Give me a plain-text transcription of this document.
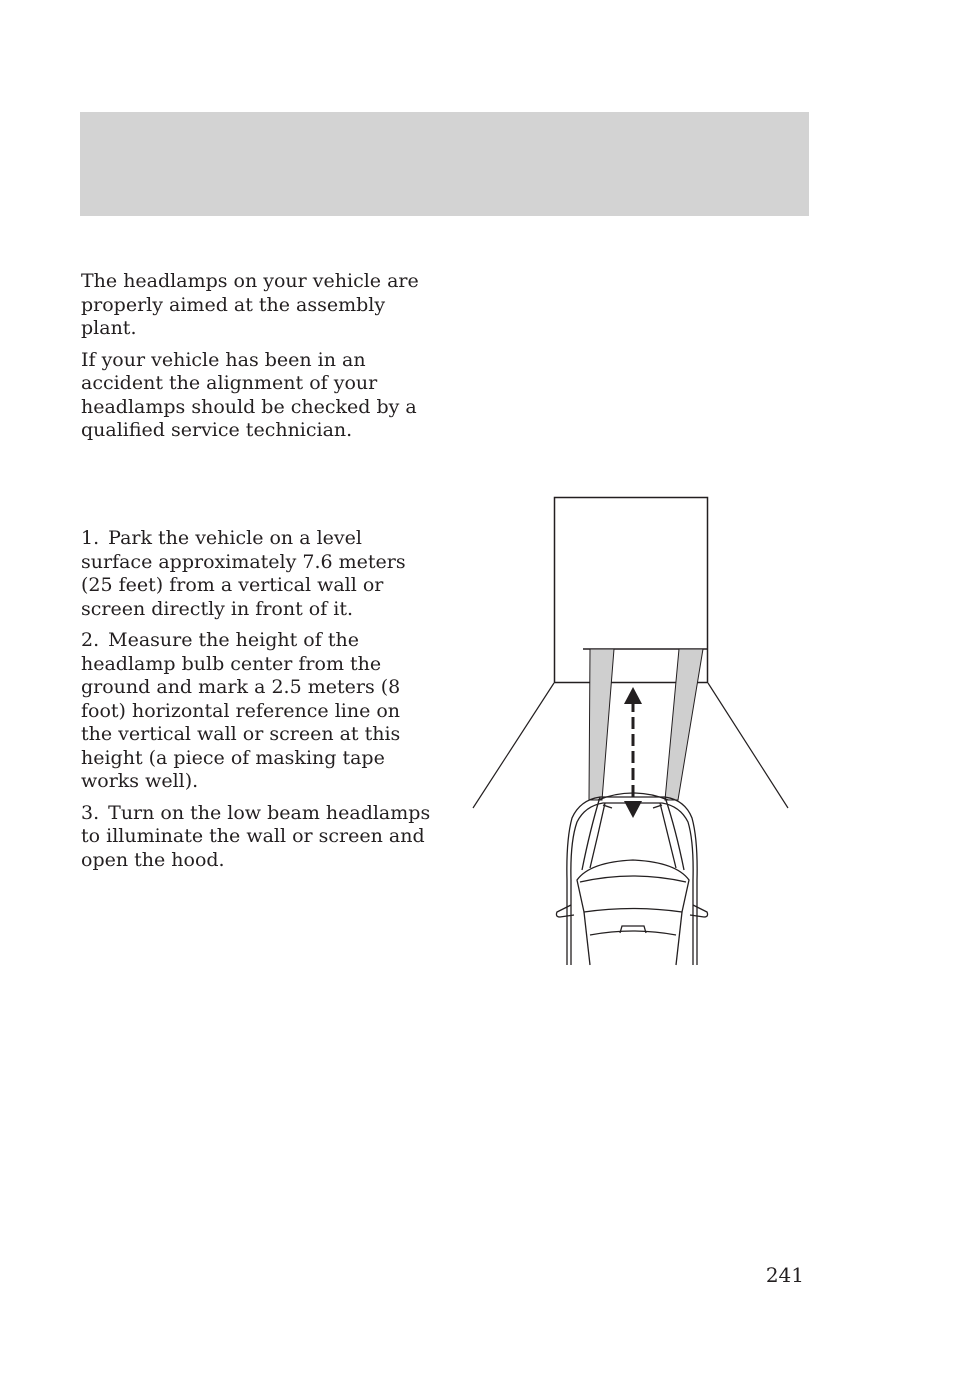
The headlamps on your vehicle are properly aimed at the assembly plant.

If your vehicle has been in an accident the alignment of your headlamps should be checked by a qualified service technician.

1. Park the vehicle on a level surface approximately 7.6 meters (25 feet) from a vertical wall or screen directly in front of it.

2. Measure the height of the headlamp bulb center from the ground and mark a 2.5 meters (8 foot) horizontal reference line on the vertical wall or screen at this height (a piece of masking tape works well).

3. Turn on the low beam headlamps to illuminate the wall or screen and open the hood.

241
